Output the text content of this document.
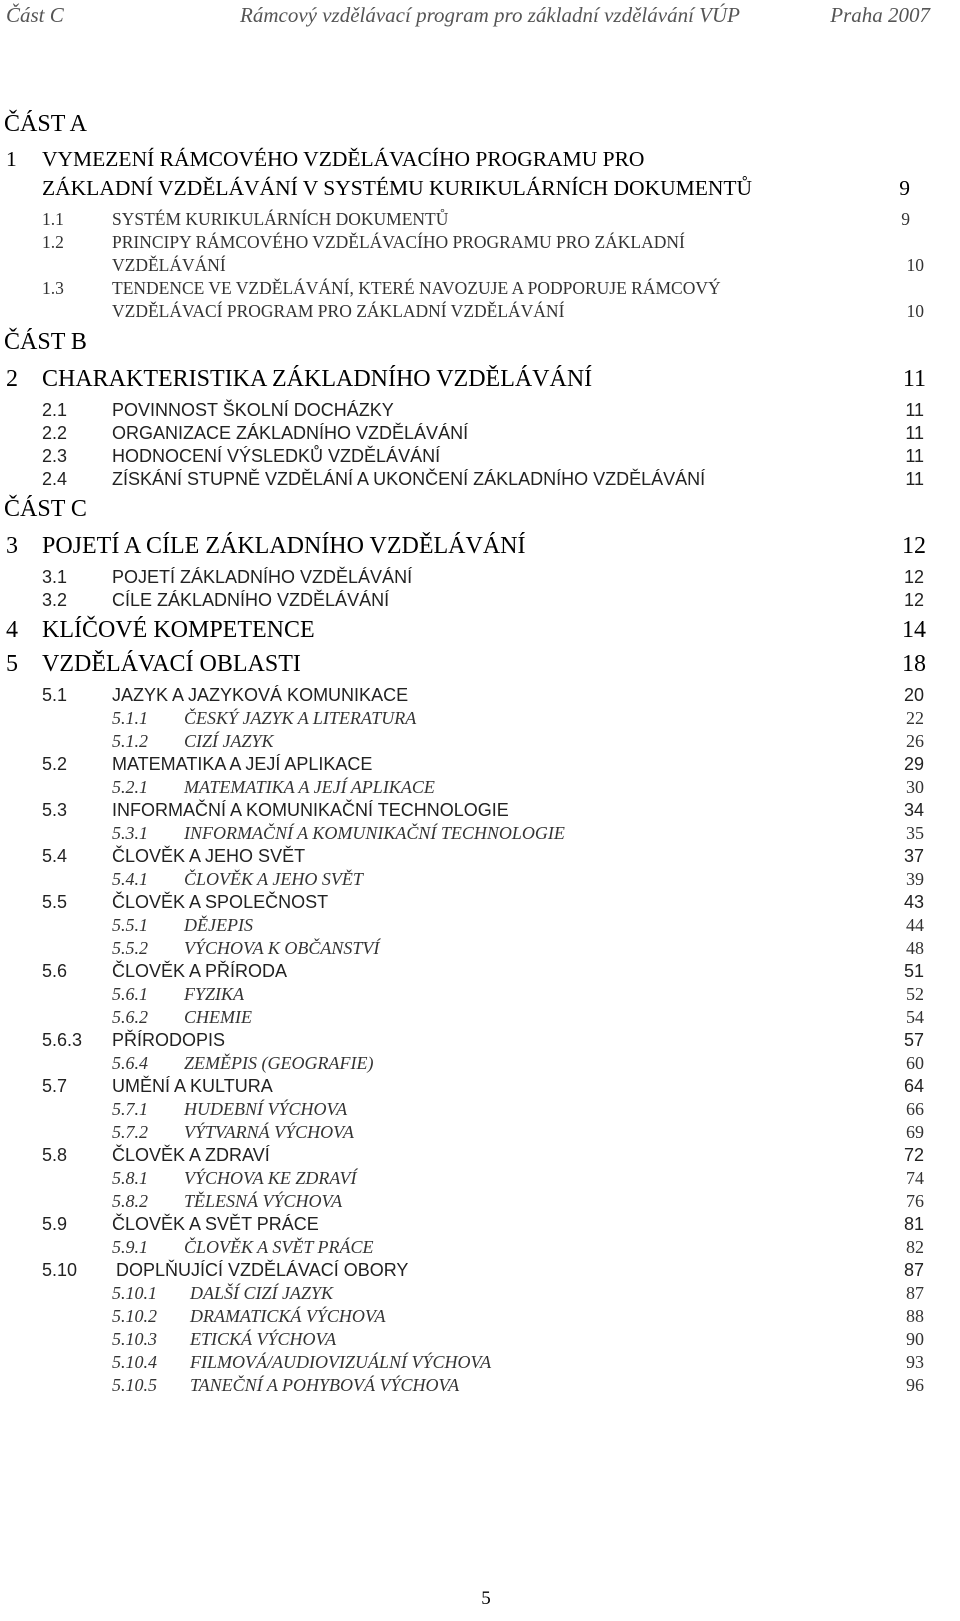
Část C	Rámcový vzdělávací program pro základní vzdělávání VÚP	Praha 2007
ČÁST A
1 VYMEZENÍ RÁMCOVÉHO VZDĚLÁVACÍHO PROGRAMU PRO
ZÁKLADNÍ VZDĚLÁVÁNÍ V SYSTÉMU KURIKULÁRNÍCH DOKUMENTŮ	9
1.1	SYSTÉM KURIKULÁRNÍCH DOKUMENTŮ	9
1.2	PRINCIPY RÁMCOVÉHO VZDĚLÁVACÍHO PROGRAMU PRO ZÁKLADNÍ
VZDĚLÁVÁNÍ	10
1.3	TENDENCE VE VZDĚLÁVÁNÍ, KTERÉ NAVOZUJE A PODPORUJE RÁMCOVÝ
VZDĚLÁVACÍ PROGRAM PRO ZÁKLADNÍ VZDĚLÁVÁNÍ	10
ČÁST B
2 CHARAKTERISTIKA ZÁKLADNÍHO VZDĚLÁVÁNÍ	11
2.1 POVINNOST ŠKOLNÍ DOCHÁZKY	11
2.2 ORGANIZACE ZÁKLADNÍHO VZDĚLÁVÁNÍ	11
2.3 HODNOCENÍ VÝSLEDKŮ VZDĚLÁVÁNÍ	11
2.4 ZÍSKÁNÍ STUPNĚ VZDĚLÁNÍ A UKONČENÍ ZÁKLADNÍHO VZDĚLÁVÁNÍ	11
ČÁST C
3 POJETÍ A CÍLE ZÁKLADNÍHO VZDĚLÁVÁNÍ	12
3.1 POJETÍ ZÁKLADNÍHO VZDĚLÁVÁNÍ	12
3.2 CÍLE ZÁKLADNÍHO VZDĚLÁVÁNÍ	12
4 KLÍČOVÉ KOMPETENCE	14
5 VZDĚLÁVACÍ OBLASTI	18
5.1 JAZYK A JAZYKOVÁ KOMUNIKACE	20
5.1.1 ČESKÝ JAZYK A LITERATURA	22
5.1.2 CIZÍ JAZYK	26
5.2 MATEMATIKA A JEJÍ APLIKACE	29
5.2.1 MATEMATIKA A JEJÍ APLIKACE	30
5.3 INFORMAČNÍ A KOMUNIKAČNÍ TECHNOLOGIE	34
5.3.1 INFORMAČNÍ A KOMUNIKAČNÍ TECHNOLOGIE	35
5.4 ČLOVĚK A JEHO SVĚT	37
5.4.1 ČLOVĚK A JEHO SVĚT	39
5.5 ČLOVĚK A SPOLEČNOST	43
5.5.1 DĚJEPIS	44
5.5.2 VÝCHOVA K OBČANSTVÍ	48
5.6 ČLOVĚK A PŘÍRODA	51
5.6.1 FYZIKA	52
5.6.2 CHEMIE	54
5.6.3 PŘÍRODOPIS	57
5.6.4 ZEMĚPIS (GEOGRAFIE)	60
5.7 UMĚNÍ A KULTURA	64
5.7.1 HUDEBNÍ VÝCHOVA	66
5.7.2 VÝTVARNÁ VÝCHOVA	69
5.8 ČLOVĚK A ZDRAVÍ	72
5.8.1 VÝCHOVA KE ZDRAVÍ	74
5.8.2 TĚLESNÁ VÝCHOVA	76
5.9 ČLOVĚK A SVĚT PRÁCE	81
5.9.1 ČLOVĚK A SVĚT PRÁCE	82
5.10 DOPLŇUJÍCÍ VZDĚLÁVACÍ OBORY	87
5.10.1 DALŠÍ CIZÍ JAZYK	87
5.10.2 DRAMATICKÁ VÝCHOVA	88
5.10.3 ETICKÁ VÝCHOVA	90
5.10.4 FILMOVÁ/AUDIOVIZUÁLNÍ VÝCHOVA	93
5.10.5 TANEČNÍ A POHYBOVÁ VÝCHOVA	96
5
